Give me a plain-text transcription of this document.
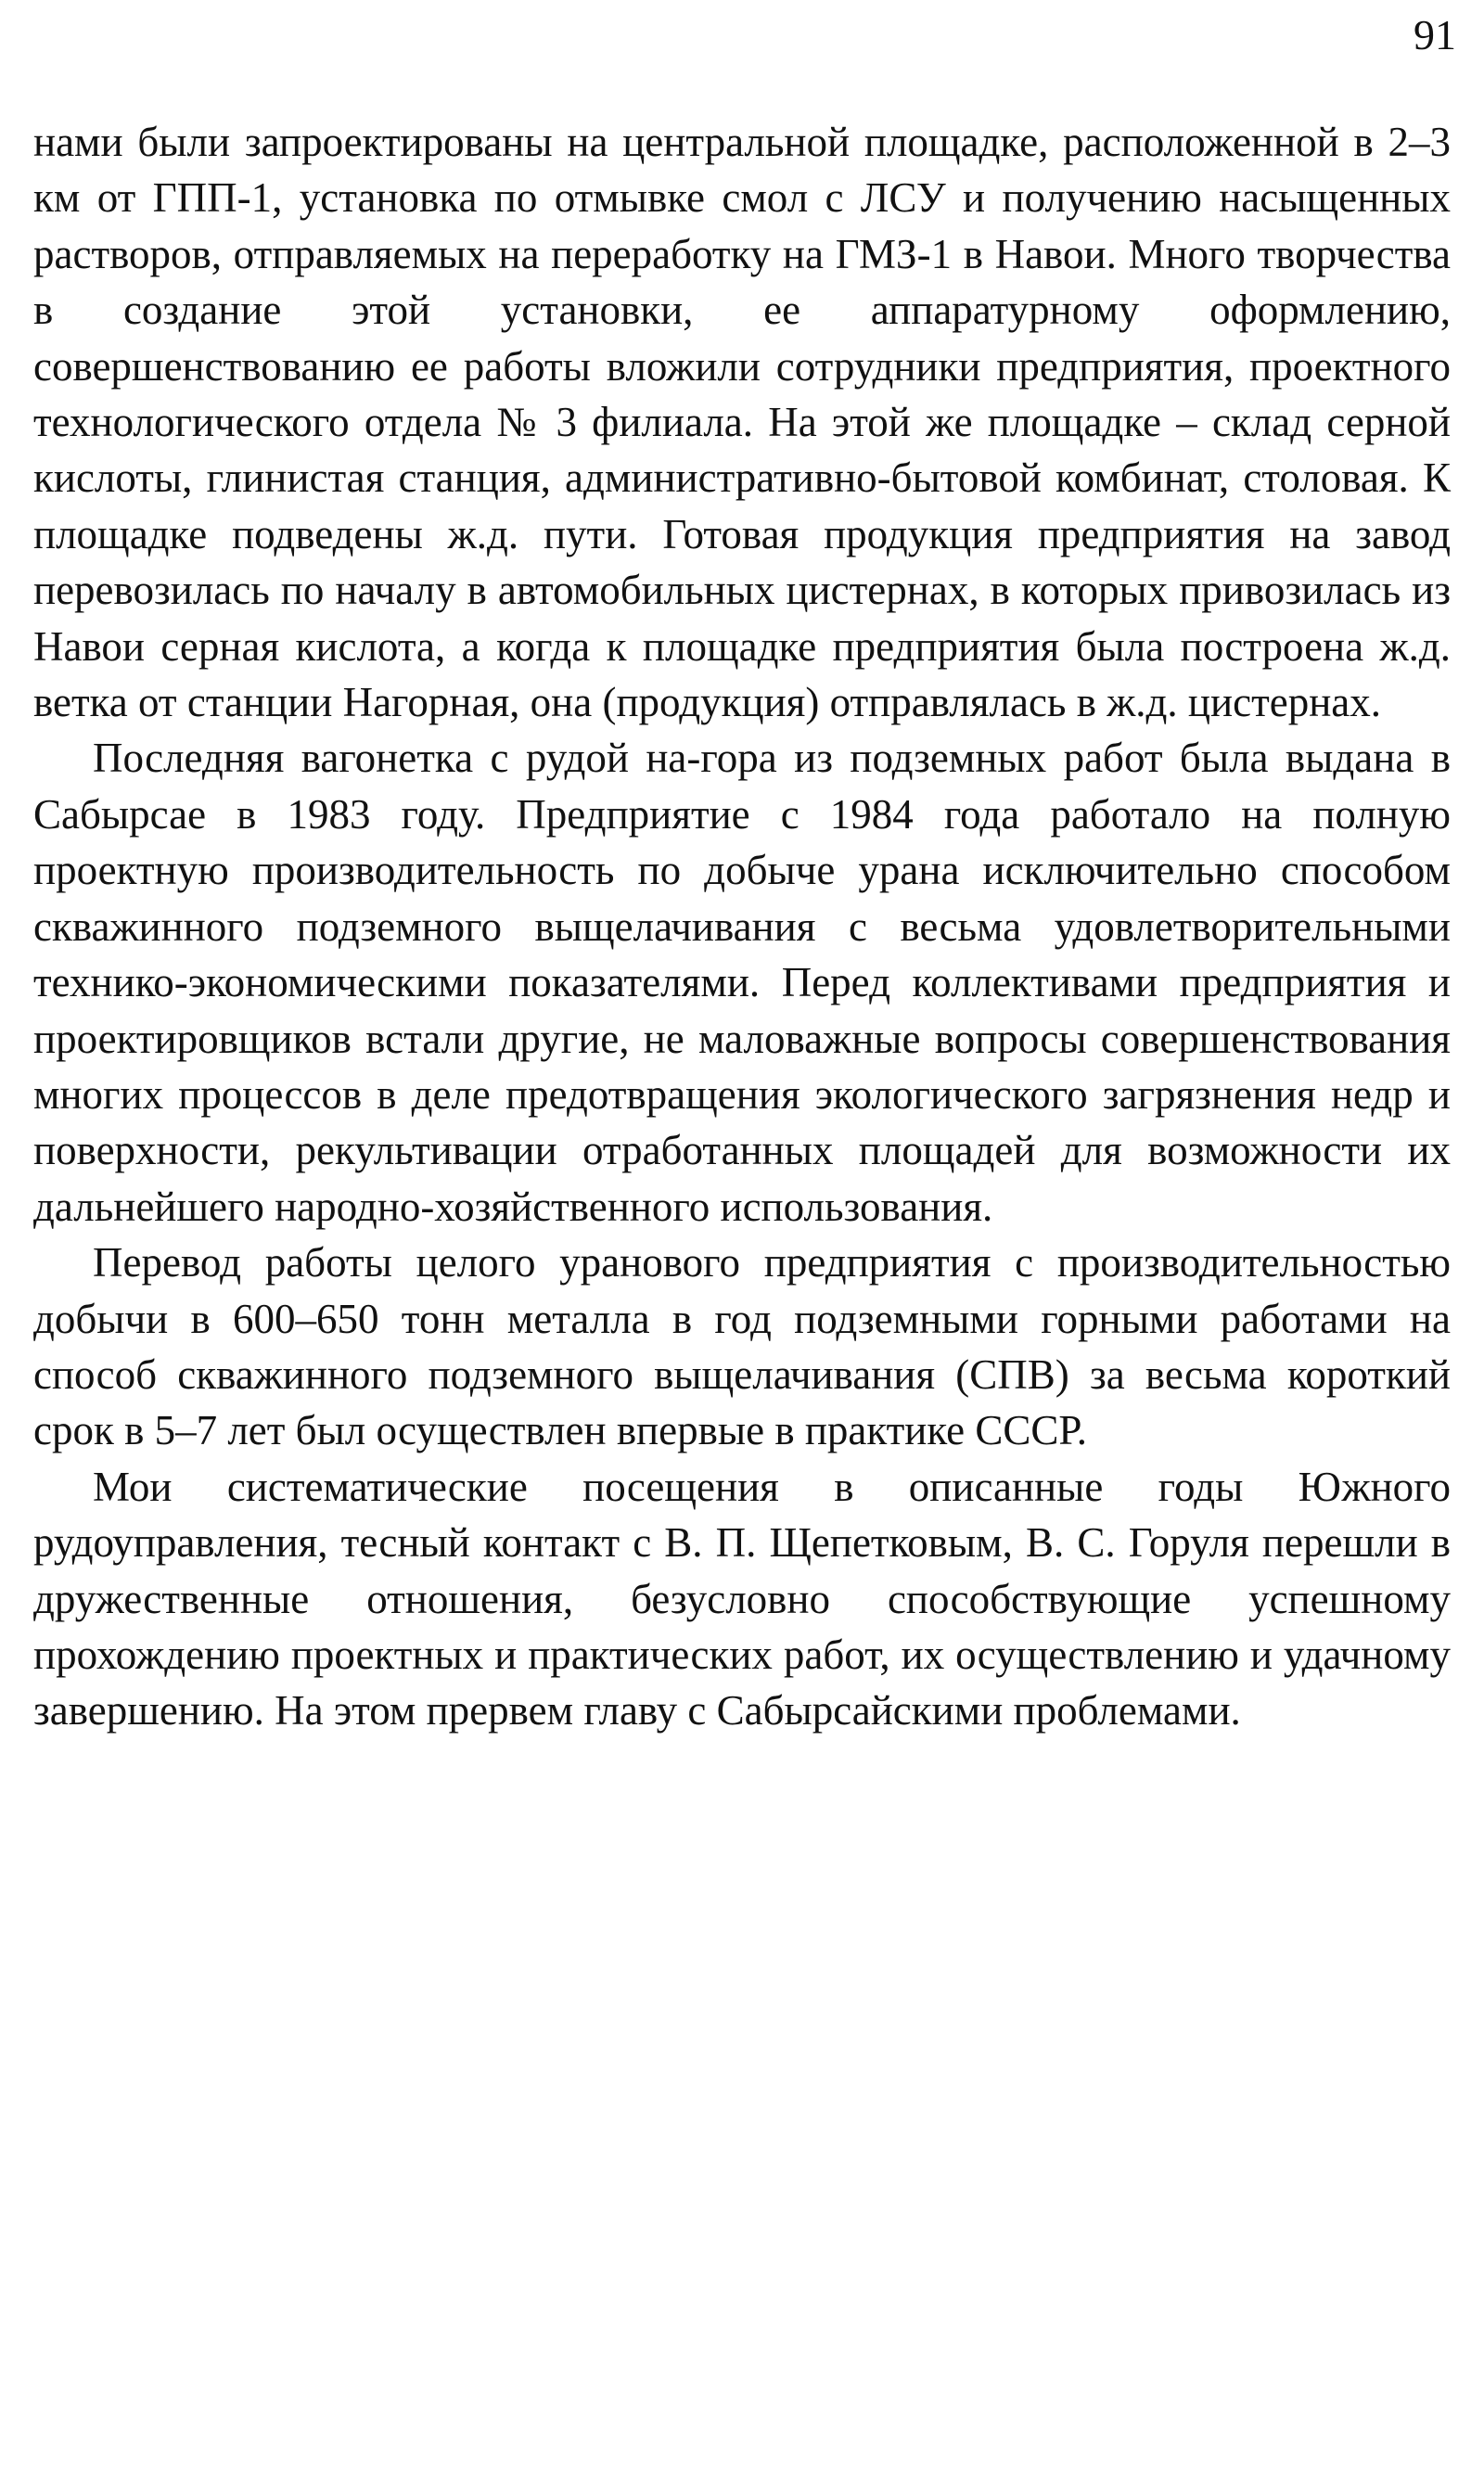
91

нами были запроектированы на центральной площадке, расположенной в 2–3 км от ГПП-1, установка по отмывке смол с ЛСУ и получению насыщенных растворов, отправляемых на переработку на ГМЗ-1 в Навои. Много творчества в создание этой установки, ее аппаратурному оформлению, совершенствованию ее работы вложили сотрудники предприятия, проектного технологического отдела № 3 филиала. На этой же площадке – склад серной кислоты, глинистая станция, административно-бытовой комбинат, столовая. К площадке подведены ж.д. пути. Готовая продукция предприятия на завод перевозилась по началу в автомобильных цистернах, в которых привозилась из Навои серная кислота, а когда к площадке предприятия была построена ж.д. ветка от станции Нагорная, она (продукция) отправлялась в ж.д. цистернах.

Последняя вагонетка с рудой на-гора из подземных работ была выдана в Сабырсае в 1983 году. Предприятие с 1984 года работало на полную проектную производительность по добыче урана исключительно способом скважинного подземного выщелачивания с весьма удовлетворительными технико-экономическими показателями. Перед коллективами предприятия и проектировщиков встали другие, не маловажные вопросы совершенствования многих процессов в деле предотвращения экологического загрязнения недр и поверхности, рекультивации отработанных площадей для возможности их дальнейшего народно-хозяйственного использования.

Перевод работы целого уранового предприятия с производительностью добычи в 600–650 тонн металла в год подземными горными работами на способ скважинного подземного выщелачивания (СПВ) за весьма короткий срок в 5–7 лет был осуществлен впервые в практике СССР.

Мои систематические посещения в описанные годы Южного рудоуправления, тесный контакт с В. П. Щепетковым, В. С. Горуля перешли в дружественные отношения, безусловно способствующие успешному прохождению проектных и практических работ, их осуществлению и удачному завершению. На этом прервем главу с Сабырсайскими проблемами.
